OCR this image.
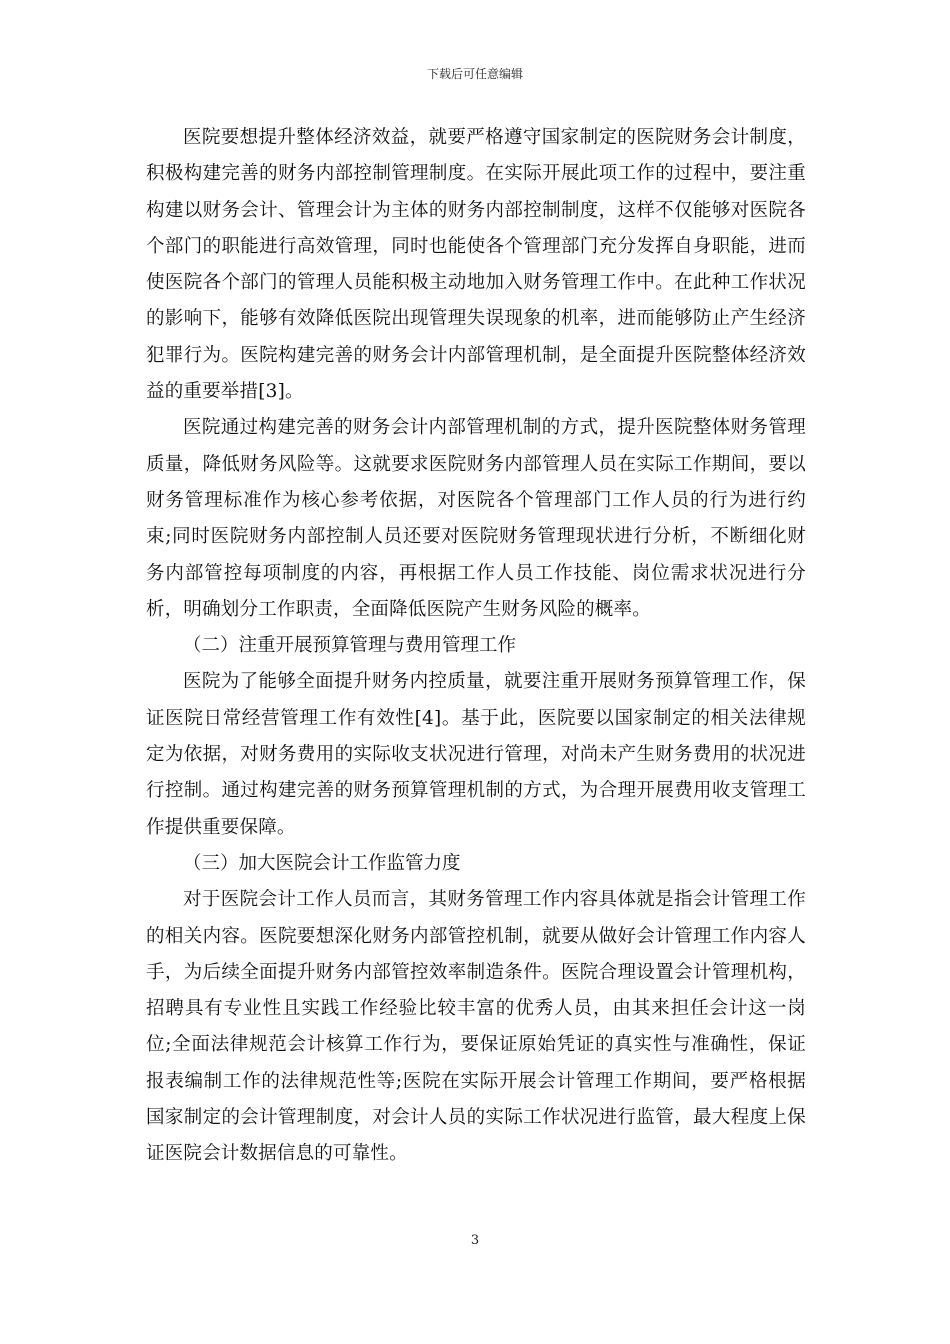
下载后可任意编辑

医院要想提升整体经济效益，就要严格遵守国家制定的医院财务会计制度，积极构建完善的财务内部控制管理制度。在实际开展此项工作的过程中，要注重构建以财务会计、管理会计为主体的财务内部控制制度，这样不仅能够对医院各个部门的职能进行高效管理，同时也能使各个管理部门充分发挥自身职能，进而使医院各个部门的管理人员能积极主动地加入财务管理工作中。在此种工作状况的影响下，能够有效降低医院出现管理失误现象的机率，进而能够防止产生经济犯罪行为。医院构建完善的财务会计内部管理机制，是全面提升医院整体经济效益的重要举措[3]。

医院通过构建完善的财务会计内部管理机制的方式，提升医院整体财务管理质量，降低财务风险等。这就要求医院财务内部管理人员在实际工作期间，要以财务管理标准作为核心参考依据，对医院各个管理部门工作人员的行为进行约束;同时医院财务内部控制人员还要对医院财务管理现状进行分析，不断细化财务内部管控每项制度的内容，再根据工作人员工作技能、岗位需求状况进行分析，明确划分工作职责，全面降低医院产生财务风险的概率。

（二）注重开展预算管理与费用管理工作

医院为了能够全面提升财务内控质量，就要注重开展财务预算管理工作，保证医院日常经营管理工作有效性[4]。基于此，医院要以国家制定的相关法律规定为依据，对财务费用的实际收支状况进行管理，对尚未产生财务费用的状况进行控制。通过构建完善的财务预算管理机制的方式，为合理开展费用收支管理工作提供重要保障。

（三）加大医院会计工作监管力度

对于医院会计工作人员而言，其财务管理工作内容具体就是指会计管理工作的相关内容。医院要想深化财务内部管控机制，就要从做好会计管理工作内容人手，为后续全面提升财务内部管控效率制造条件。医院合理设置会计管理机构，招聘具有专业性且实践工作经验比较丰富的优秀人员，由其来担任会计这一岗位;全面法律规范会计核算工作行为，要保证原始凭证的真实性与准确性，保证报表编制工作的法律规范性等;医院在实际开展会计管理工作期间，要严格根据国家制定的会计管理制度，对会计人员的实际工作状况进行监管，最大程度上保证医院会计数据信息的可靠性。

3
